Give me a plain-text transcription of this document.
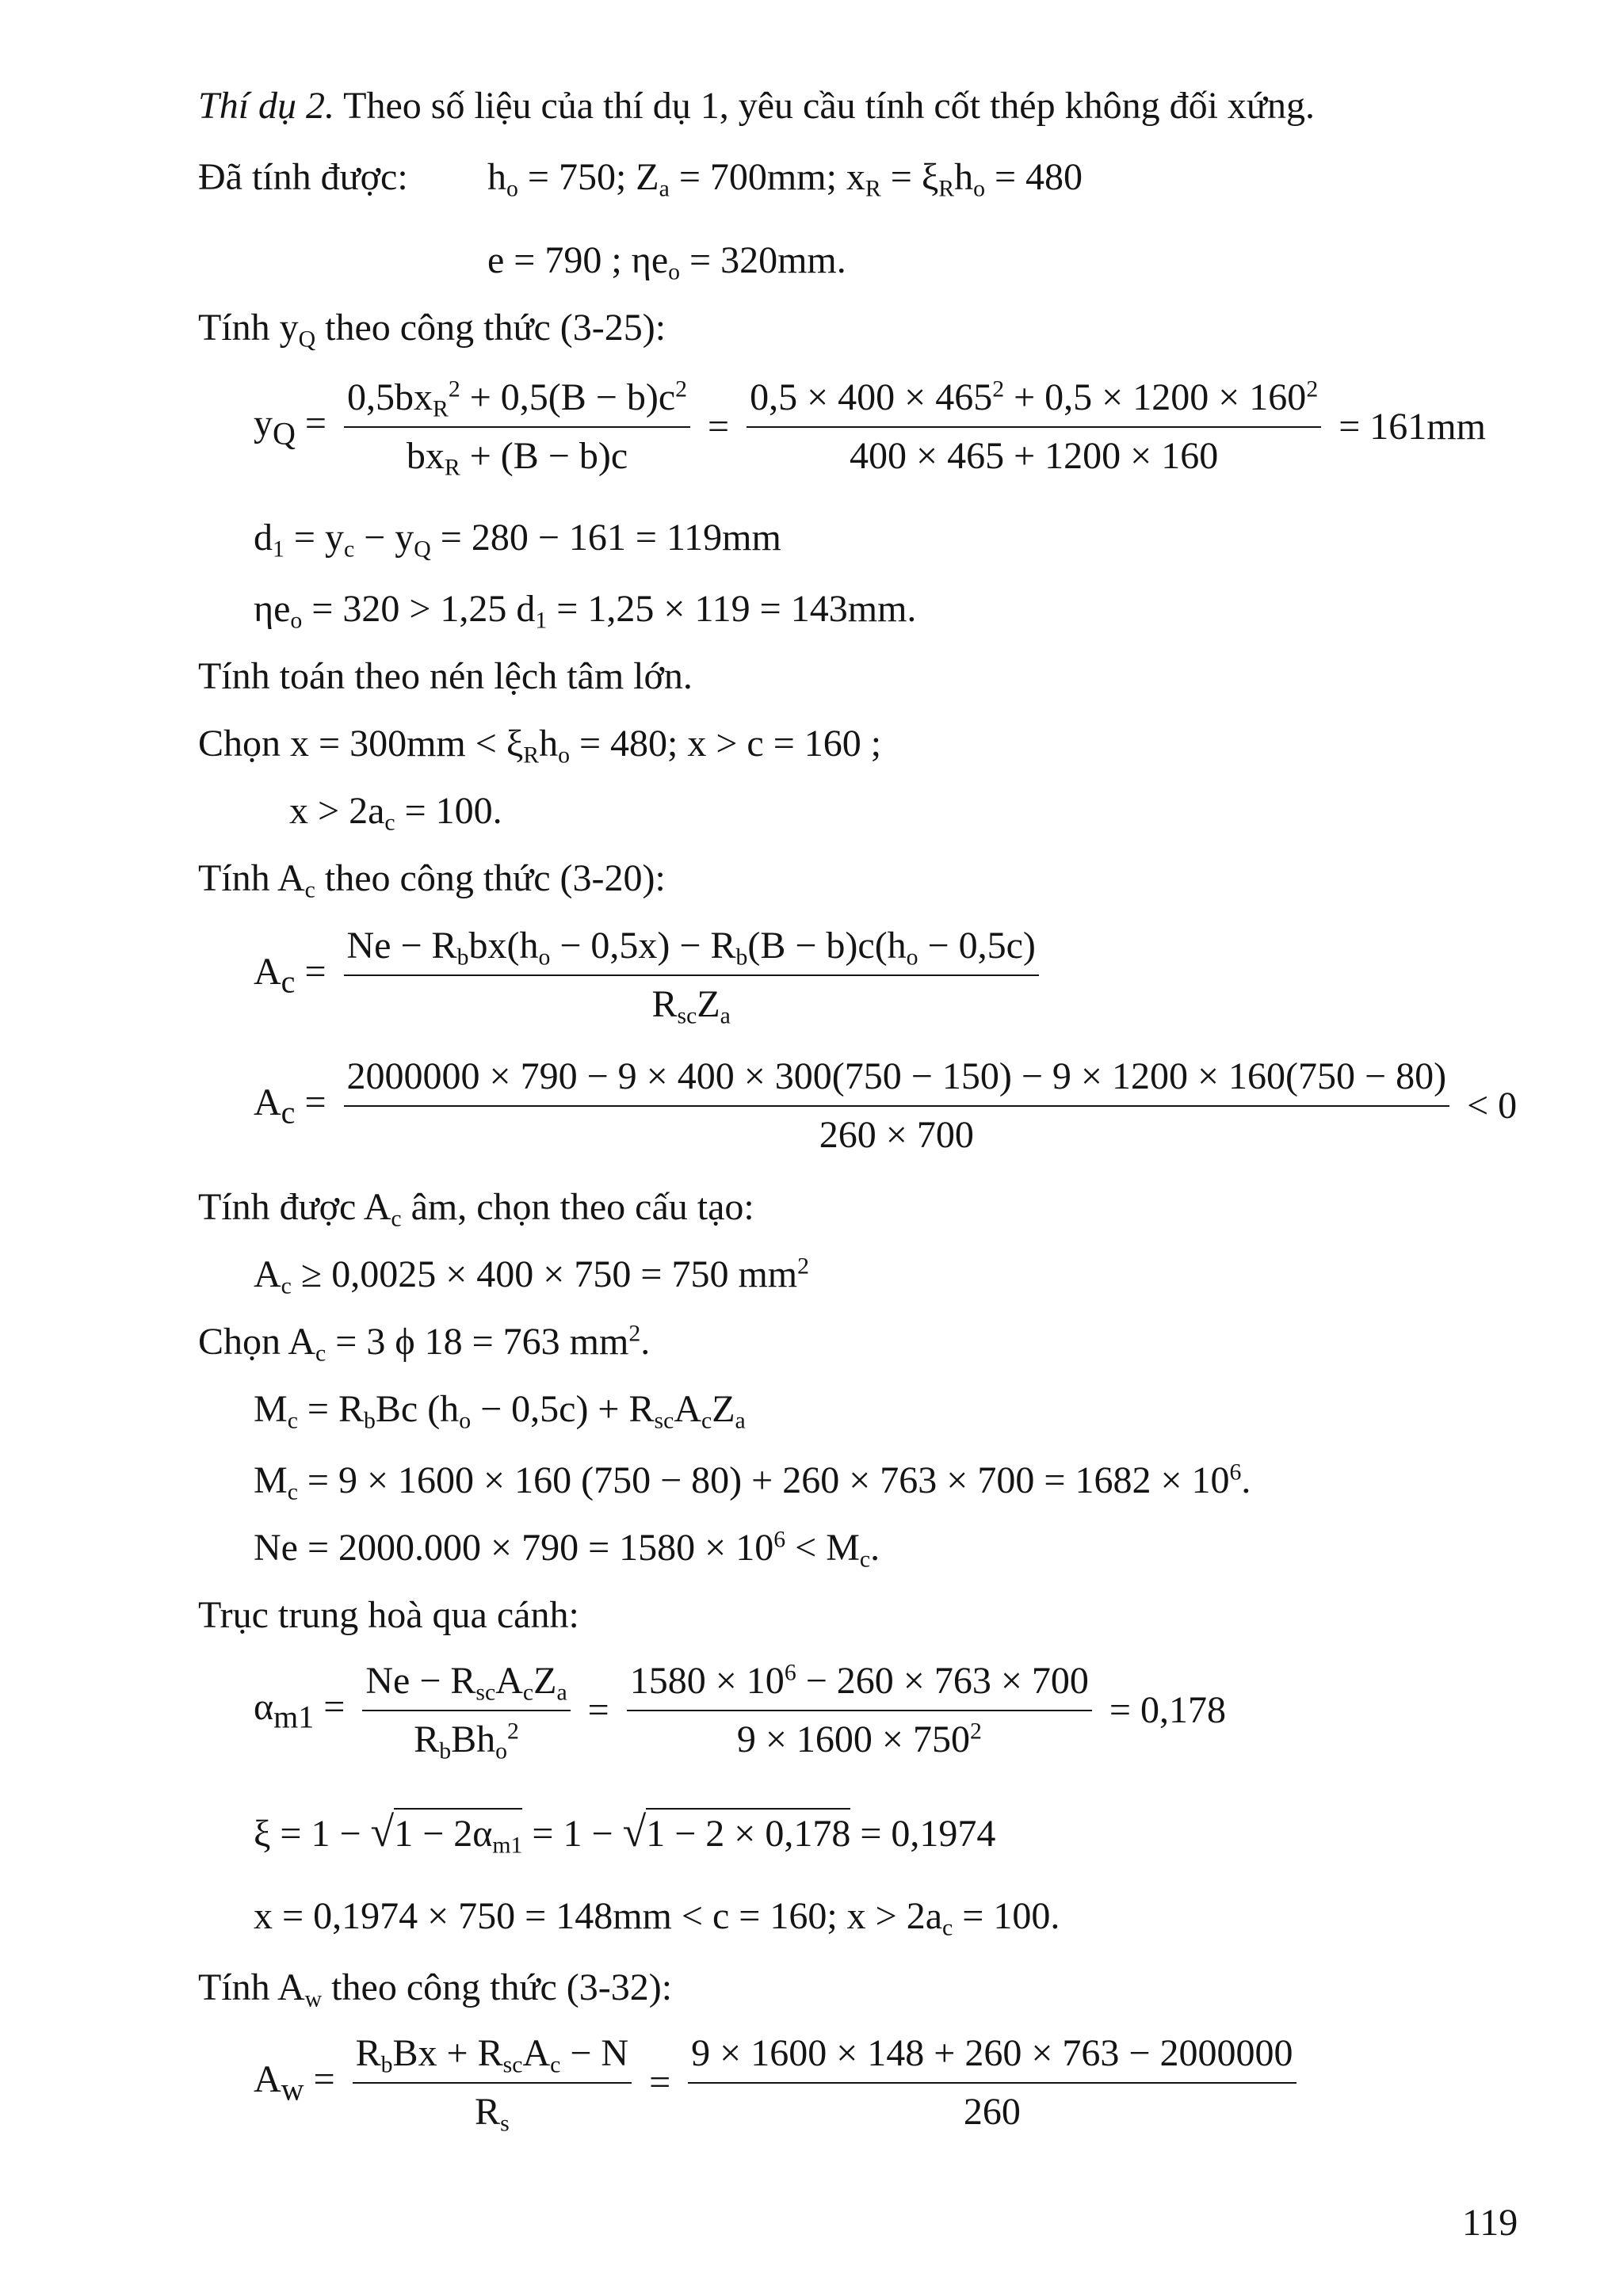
Thí dụ 2. Theo số liệu của thí dụ 1, yêu cầu tính cốt thép không đối xứng.
Đã tính được: $h_o = 750$; $Z_a = 700mm$; $x_R = \xi_Rh_o = 480$
e = 790 ; $\eta e_o = 320mm$.
Tính $y_Q$ theo công thức (3-25):
$y_Q = \frac{0,5bx_R^2 + 0,5(B - b)c^2}{bx_R + (B - b)c} = \frac{0,5 \times 400 \times 465^2 + 0,5 \times 1200 \times 160^2}{400 \times 465 + 1200 \times 160} = 161mm$
$d_1 = y_c - y_Q = 280 - 161 = 119mm$
$\eta e_o = 320 > 1,25$ $d_1 = 1,25 \times 119 = 143mm$.
Tính toán theo nén lệch tâm lớn.
Chọn $x = 300mm < \xi_Rh_o = 480$; x > c = 160 ;
$x > 2a_c = 100$.
Tính $A_c$ theo công thức (3-20):
$A_c = \frac{Ne - R_bbx(h_o - 0,5x) - R_b(B - b)c(h_o - 0,5c)}{R_{sc}Z_a}$
$A_c$ =
2000000 × 790 − 9 × 400 × 300(750 − 150) − 9 × 1200 × 160(750 − 80)
260 × 700
< 0
Tính được $A_c$ âm, chọn theo cấu tạo:
$A_c \ge 0,0025 \times 400 \times 750 = 750$ $mm^2$
Chọn $A_c = 3$ ϕ 18 = 763 $mm^2$.
$M_c = R_bBc$ $(h_o - 0,5c) + R_{sc}A_cZ_a$
$M_c = 9 \times 1600 \times 160$ $(750 - 80) + 260 \times 763 \times 700 = 1682 \times 10^6$.
$Ne = 2000.000 \times 790 = 1580 \times 10^6 < M_c$.
Trục trung hoà qua cánh:
$\alpha_{m1} = \frac{Ne - R_{sc}A_cZ_a}{R_bBh_o^2} = \frac{1580 \times 10^6 - 260 \times 763 \times 700}{9 \times 1600 \times 750^2} = 0,178$
$\xi = 1 - √1 - 2\alpha_{m1} = 1 - √1 - 2 \times 0,178 = 0,1974$
x = 0,1974 × 750 = 148mm < c = 160; $x > 2a_c = 100$.
Tính $A_w$ theo công thức (3-32):
$A_w = \frac{R_bBx + R_{sc}A_c - N}{R_s} = \frac{9 \times 1600 \times 148 + 260 \times 763 - 2000000}{260}$
119
